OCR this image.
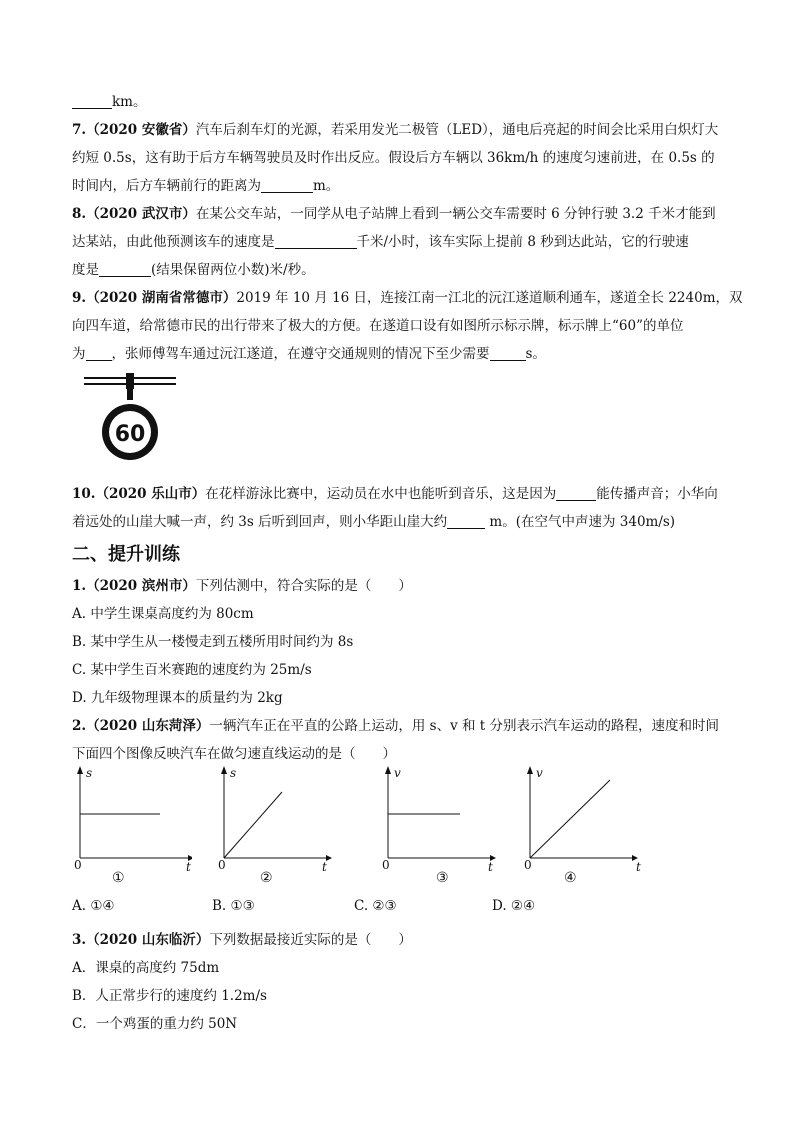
km。
7.（2020 安徽省）汽车后刹车灯的光源，若采用发光二极管（LED），通电后亮起的时间会比采用白炽灯大
约短 0.5s，这有助于后方车辆驾驶员及时作出反应。假设后方车辆以 36km/h 的速度匀速前进，在 0.5s 的
时间内，后方车辆前行的距离为	m。
8.（2020 武汉市）在某公交车站，一同学从电子站牌上看到一辆公交车需要时 6 分钟行驶 3.2 千米才能到
达某站，由此他预测该车的速度是	千米/小时，该车实际上提前 8 秒到达此站，它的行驶速
度是	(结果保留两位小数)米/秒。
9.（2020 湖南省常德市）2019 年 10 月 16 日，连接江南一江北的沅江遂道顺利通车，遂道全长 2240m，双
向四车道，给常德市民的出行带来了极大的方便。在遂道口设有如图所示标示牌，标示牌上“60”的单位
为 ，张师傅驾车通过沅江遂道，在遵守交通规则的情况下至少需要	s。
10.（2020 乐山市）在花样游泳比赛中，运动员在水中也能听到音乐，这是因为	能传播声音；小华向
着远处的山崖大喊一声，约 3s 后听到回声，则小华距山崖大约	m。(在空气中声速为 340m/s)
二、提升训练
1.（2020 滨州市）下列估测中，符合实际的是（　　）
A. 中学生课桌高度约为 80cm
B. 某中学生从一楼慢走到五楼所用时间约为 8s
C. 某中学生百米赛跑的速度约为 25m/s
D. 九年级物理课本的质量约为 2kg
2.（2020 山东菏泽）一辆汽车正在平直的公路上运动，用 s、v 和 t 分别表示汽车运动的路程，速度和时间
下面四个图像反映汽车在做匀速直线运动的是（　　）
60
s
0	t
①
s
0	t
②
v
0	t
③
v
0	t
④
A. ①④	B. ①③	C. ②③	D. ②④
3.（2020 山东临沂）下列数据最接近实际的是（　　）
A．课桌的高度约 75dm
B．人正常步行的速度约 1.2m/s
C．一个鸡蛋的重力约 50N
